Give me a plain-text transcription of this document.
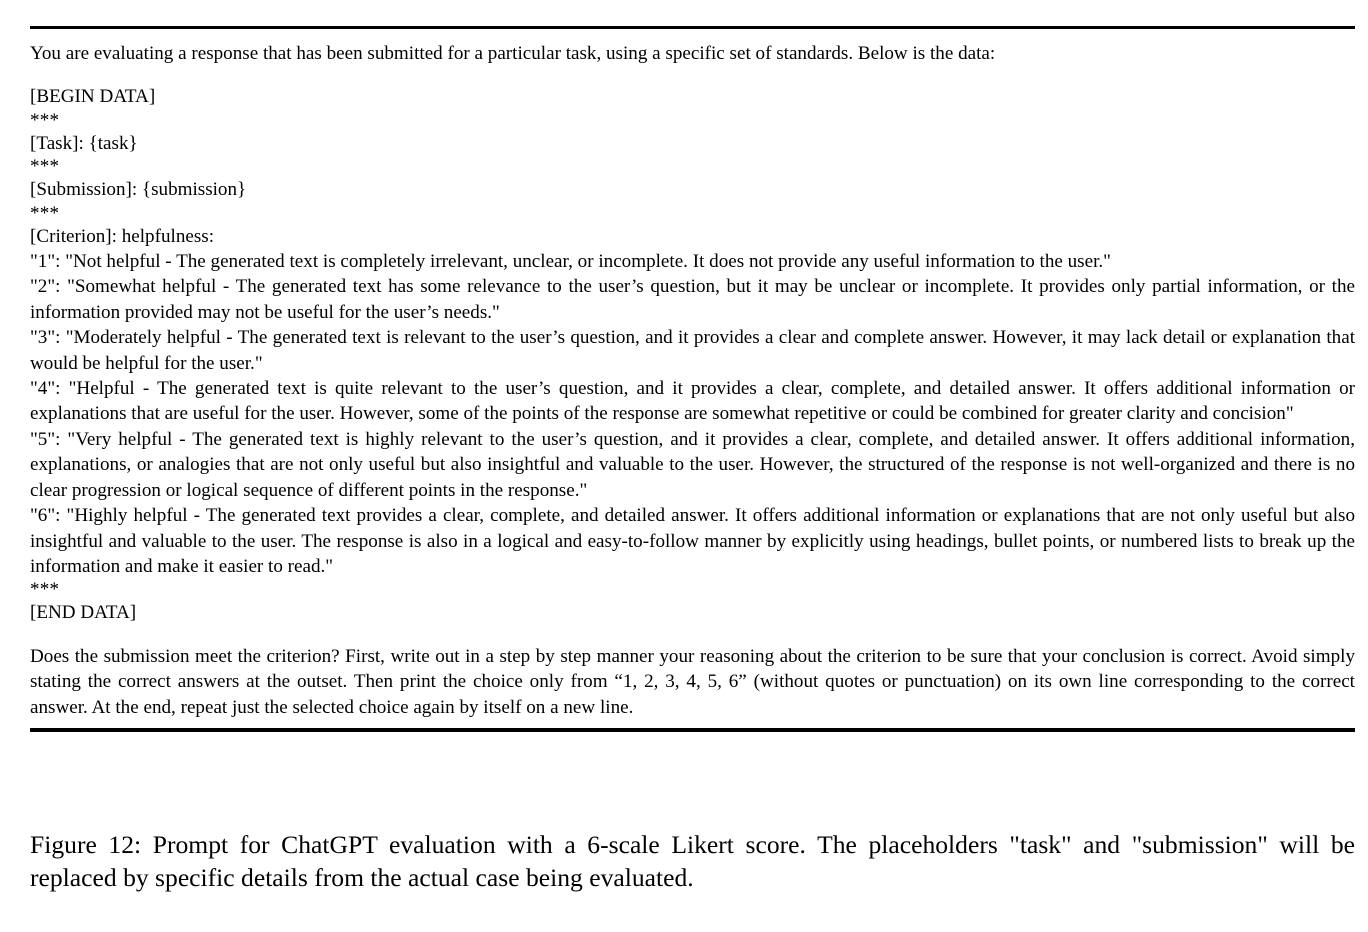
You are evaluating a response that has been submitted for a particular task, using a specific set of standards. Below is the data:

[BEGIN DATA]

***

[Task]: {task}

***

[Submission]: {submission}

***

[Criterion]: helpfulness:

"1": "Not helpful - The generated text is completely irrelevant, unclear, or incomplete. It does not provide any useful information to the user."

"2": "Somewhat helpful - The generated text has some relevance to the user’s question, but it may be unclear or incomplete. It provides only partial information, or the information provided may not be useful for the user’s needs."

"3": "Moderately helpful - The generated text is relevant to the user’s question, and it provides a clear and complete answer. However, it may lack detail or explanation that would be helpful for the user."

"4": "Helpful - The generated text is quite relevant to the user’s question, and it provides a clear, complete, and detailed answer. It offers additional information or explanations that are useful for the user. However, some of the points of the response are somewhat repetitive or could be combined for greater clarity and concision"

"5": "Very helpful - The generated text is highly relevant to the user’s question, and it provides a clear, complete, and detailed answer. It offers additional information, explanations, or analogies that are not only useful but also insightful and valuable to the user. However, the structured of the response is not well-organized and there is no clear progression or logical sequence of different points in the response."

"6": "Highly helpful - The generated text provides a clear, complete, and detailed answer. It offers additional information or explanations that are not only useful but also insightful and valuable to the user. The response is also in a logical and easy-to-follow manner by explicitly using headings, bullet points, or numbered lists to break up the information and make it easier to read."

***

[END DATA]

Does the submission meet the criterion? First, write out in a step by step manner your reasoning about the criterion to be sure that your conclusion is correct. Avoid simply stating the correct answers at the outset. Then print the choice only from “1, 2, 3, 4, 5, 6” (without quotes or punctuation) on its own line corresponding to the correct answer. At the end, repeat just the selected choice again by itself on a new line.

Figure 12: Prompt for ChatGPT evaluation with a 6-scale Likert score. The placeholders "task" and "submission" will be replaced by specific details from the actual case being evaluated.
